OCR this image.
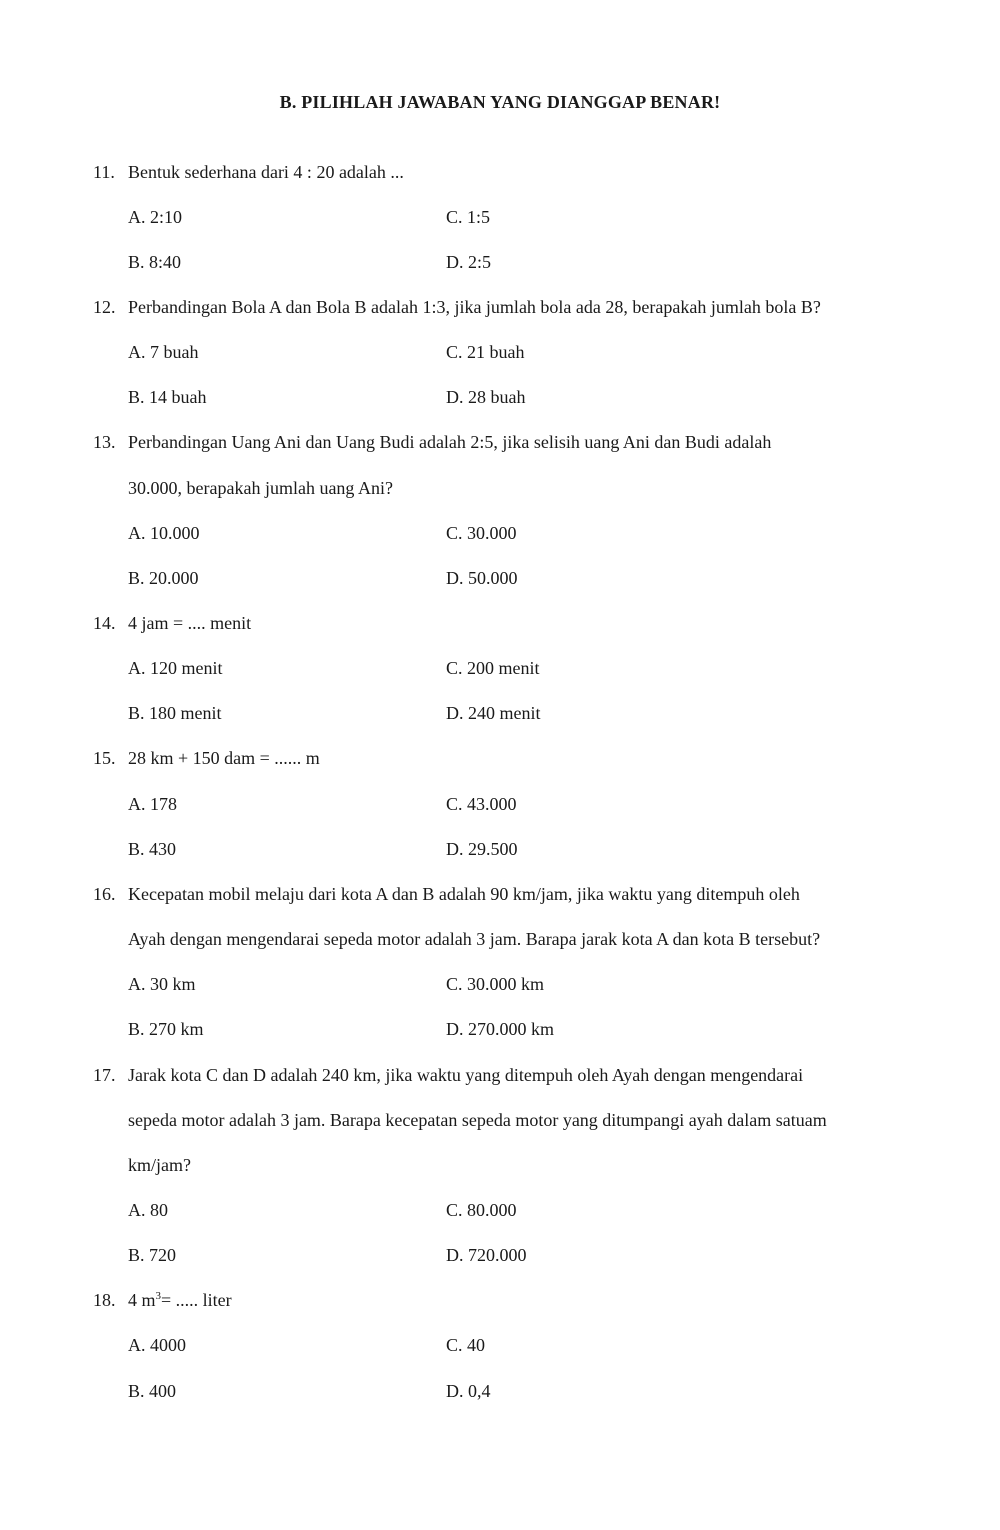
B. PILIHLAH JAWABAN YANG DIANGGAP BENAR!
11. Bentuk sederhana dari 4 : 20 adalah ...
A. 2:10	C. 1:5
B. 8:40	D. 2:5
12. Perbandingan Bola A dan Bola B adalah 1:3, jika jumlah bola ada 28, berapakah jumlah bola B?
A. 7 buah	C. 21 buah
B. 14 buah	D. 28 buah
13. Perbandingan Uang Ani dan Uang Budi adalah 2:5, jika selisih uang Ani dan Budi adalah
30.000, berapakah jumlah uang Ani?
A. 10.000	C. 30.000
B. 20.000	D. 50.000
14. 4 jam = .... menit
A. 120 menit	C. 200 menit
B. 180 menit	D. 240 menit
15. 28 km + 150 dam = ...... m
A. 178	C. 43.000
B. 430	D. 29.500
16. Kecepatan mobil melaju dari kota A dan B adalah 90 km/jam, jika waktu yang ditempuh oleh
Ayah dengan mengendarai sepeda motor adalah 3 jam. Barapa jarak kota A dan kota B tersebut?
A. 30 km	C. 30.000 km
B. 270 km	D. 270.000 km
17. Jarak kota C dan D adalah 240 km, jika waktu yang ditempuh oleh Ayah dengan mengendarai
sepeda motor adalah 3 jam. Barapa kecepatan sepeda motor yang ditumpangi ayah dalam satuam
km/jam?
A. 80	C. 80.000
B. 720	D. 720.000
18. 4 $m^3=$ ..... liter
A. 4000	C. 40
B. 400	D. 0,4
